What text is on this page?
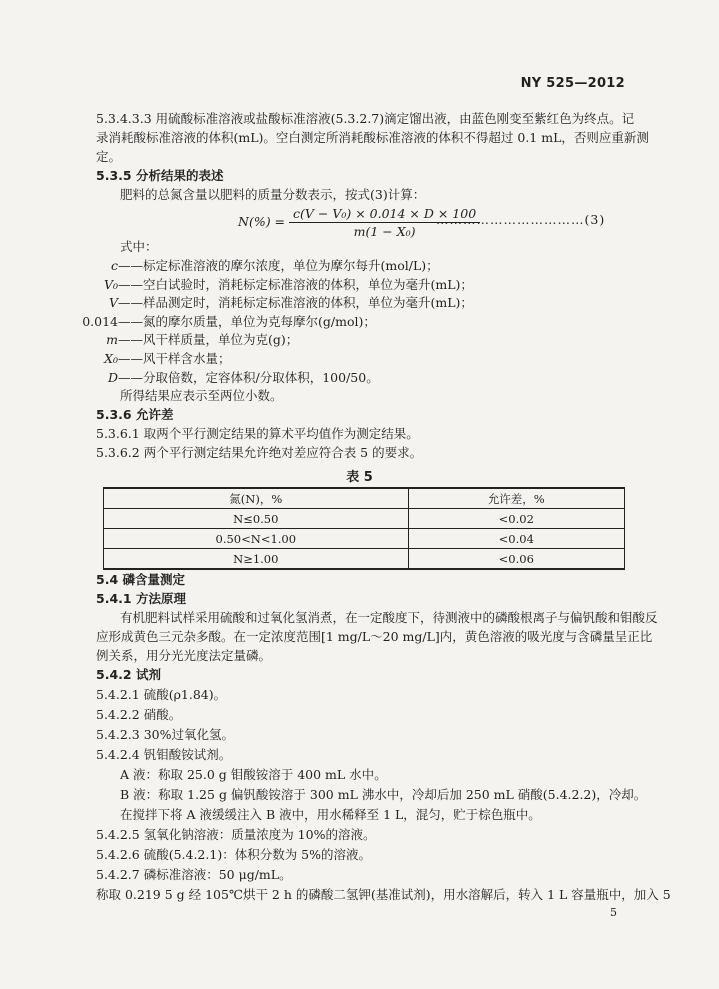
NY 525—2012
5.3.4.3.3 用硫酸标准溶液或盐酸标准溶液(5.3.2.7)滴定馏出液，由蓝色刚变至紫红色为终点。记
录消耗酸标准溶液的体积(mL)。空白测定所消耗酸标准溶液的体积不得超过 0.1 mL，否则应重新测
定。
5.3.5 分析结果的表述
肥料的总氮含量以肥料的质量分数表示，按式(3)计算：
$N(\%) = \frac{\text{c(V − V₀) × 0.014 × D × 100}}{\text{m(1 − X₀)}}$
……………………………(3)
式中：
c——标定标准溶液的摩尔浓度，单位为摩尔每升(mol/L)；
V₀——空白试验时，消耗标定标准溶液的体积，单位为毫升(mL)；
V——样品测定时，消耗标定标准溶液的体积，单位为毫升(mL)；
0.014——氮的摩尔质量，单位为克每摩尔(g/mol)；
m——风干样质量，单位为克(g)；
X₀——风干样含水量；
D——分取倍数，定容体积/分取体积，100/50。
所得结果应表示至两位小数。
5.3.6 允许差
5.3.6.1 取两个平行测定结果的算术平均值作为测定结果。
5.3.6.2 两个平行测定结果允许绝对差应符合表 5 的要求。
表 5
氮(N)，%	允许差，%
N≤0.50	<0.02
0.50<N<1.00	<0.04
N≥1.00	<0.06
5.4 磷含量测定
5.4.1 方法原理
有机肥料试样采用硫酸和过氧化氢消煮，在一定酸度下，待测液中的磷酸根离子与偏钒酸和钼酸反
应形成黄色三元杂多酸。在一定浓度范围[1 mg/L～20 mg/L]内，黄色溶液的吸光度与含磷量呈正比
例关系，用分光光度法定量磷。
5.4.2 试剂
5.4.2.1 硫酸(ρ1.84)。
5.4.2.2 硝酸。
5.4.2.3 30%过氧化氢。
5.4.2.4 钒钼酸铵试剂。
A 液：称取 25.0 g 钼酸铵溶于 400 mL 水中。
B 液：称取 1.25 g 偏钒酸铵溶于 300 mL 沸水中，冷却后加 250 mL 硝酸(5.4.2.2)，冷却。
在搅拌下将 A 液缓缓注入 B 液中，用水稀释至 1 L，混匀，贮于棕色瓶中。
5.4.2.5 氢氧化钠溶液：质量浓度为 10%的溶液。
5.4.2.6 硫酸(5.4.2.1)：体积分数为 5%的溶液。
5.4.2.7 磷标准溶液：50 μg/mL。
称取 0.219 5 g 经 105℃烘干 2 h 的磷酸二氢钾(基准试剂)，用水溶解后，转入 1 L 容量瓶中，加入 5
5
